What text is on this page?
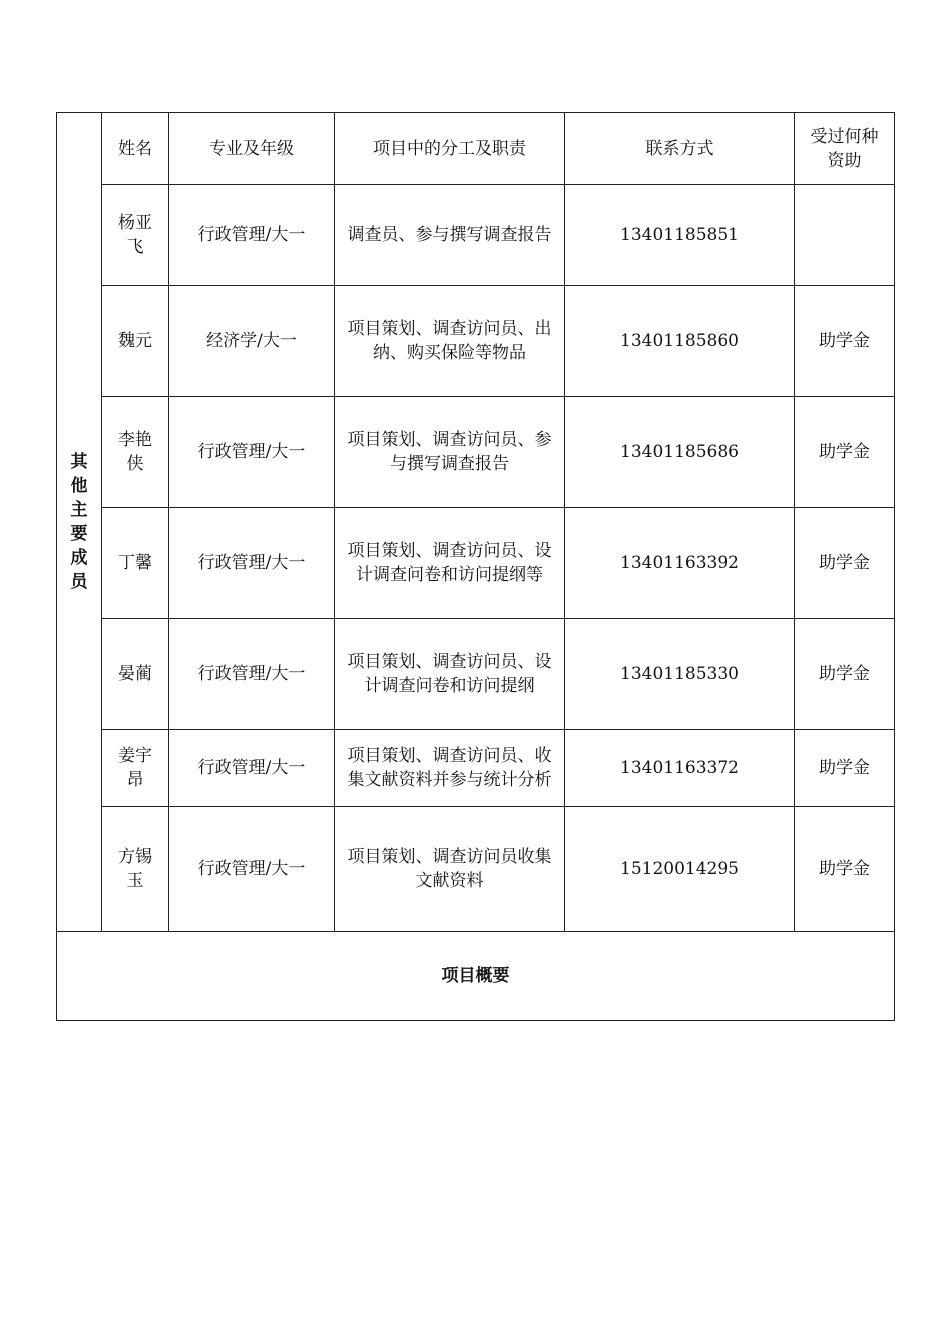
其他主要成员	姓名	专业及年级	项目中的分工及职责	联系方式	受过何种资助
	杨亚飞	行政管理/大一	调查员、参与撰写调查报告	13401185851	
	魏元	经济学/大一	项目策划、调查访问员、出纳、购买保险等物品	13401185860	助学金
	李艳侠	行政管理/大一	项目策划、调查访问员、参与撰写调查报告	13401185686	助学金
	丁馨	行政管理/大一	项目策划、调查访问员、设计调查问卷和访问提纲等	13401163392	助学金
	晏蔺	行政管理/大一	项目策划、调查访问员、设计调查问卷和访问提纲	13401185330	助学金
	姜宇昂	行政管理/大一	项目策划、调查访问员、收集文献资料并参与统计分析	13401163372	助学金
	方锡玉	行政管理/大一	项目策划、调查访问员收集文献资料	15120014295	助学金
项目概要					
